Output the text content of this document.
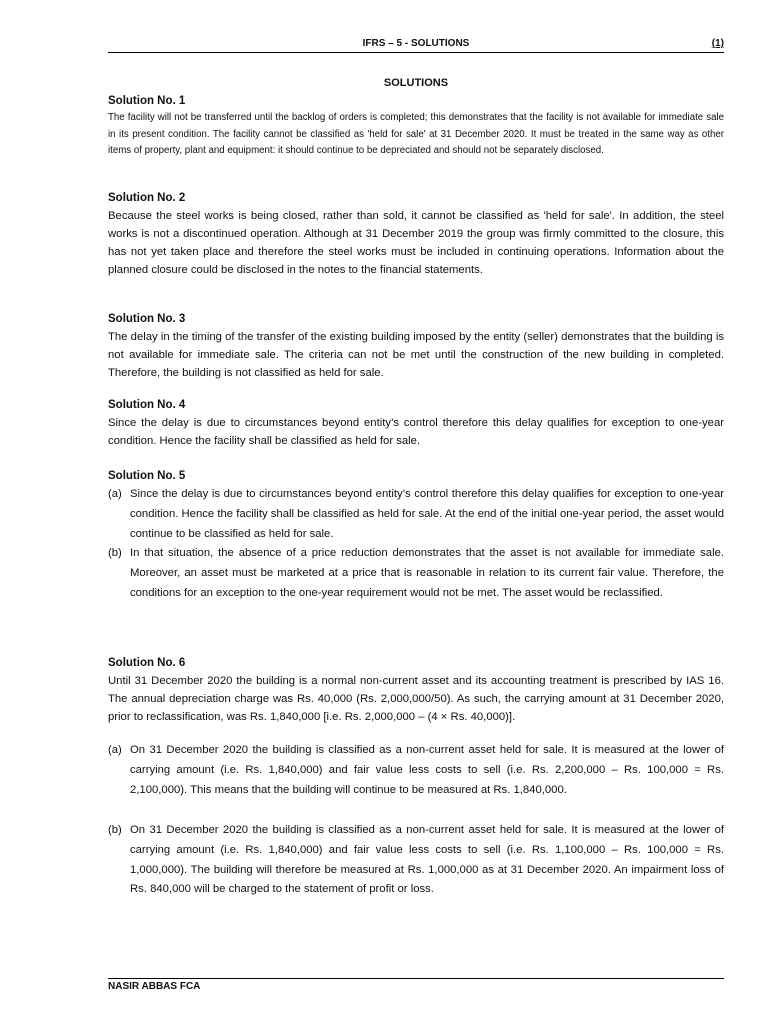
IFRS – 5 - SOLUTIONS	(1)
SOLUTIONS
Solution No. 1

The facility will not be transferred until the backlog of orders is completed; this demonstrates that the facility is not available for immediate sale in its present condition. The facility cannot be classified as 'held for sale' at 31 December 2020. It must be treated in the same way as other items of property, plant and equipment: it should continue to be depreciated and should not be separately disclosed.

Solution No. 2

Because the steel works is being closed, rather than sold, it cannot be classified as 'held for sale'. In addition, the steel works is not a discontinued operation. Although at 31 December 2019 the group was firmly committed to the closure, this has not yet taken place and therefore the steel works must be included in continuing operations. Information about the planned closure could be disclosed in the notes to the financial statements.

Solution No. 3

The delay in the timing of the transfer of the existing building imposed by the entity (seller) demonstrates that the building is not available for immediate sale. The criteria can not be met until the construction of the new building in completed. Therefore, the building is not classified as held for sale.

Solution No. 4

Since the delay is due to circumstances beyond entity’s control therefore this delay qualifies for exception to one-year condition. Hence the facility shall be classified as held for sale.

Solution No. 5
(a) Since the delay is due to circumstances beyond entity’s control therefore this delay qualifies for exception to one-year condition. Hence the facility shall be classified as held for sale. At the end of the initial one-year period, the asset would continue to be classified as held for sale.
(b) In that situation, the absence of a price reduction demonstrates that the asset is not available for immediate sale. Moreover, an asset must be marketed at a price that is reasonable in relation to its current fair value. Therefore, the conditions for an exception to the one-year requirement would not be met. The asset would be reclassified.
Solution No. 6

Until 31 December 2020 the building is a normal non-current asset and its accounting treatment is prescribed by IAS 16. The annual depreciation charge was Rs. 40,000 (Rs. 2,000,000/50). As such, the carrying amount at 31 December 2020, prior to reclassification, was Rs. 1,840,000 [i.e. Rs. 2,000,000 – (4 × Rs. 40,000)].

(a) On 31 December 2020 the building is classified as a non-current asset held for sale. It is measured at the lower of carrying amount (i.e. Rs. 1,840,000) and fair value less costs to sell (i.e. Rs. 2,200,000 – Rs. 100,000 = Rs. 2,100,000). This means that the building will continue to be measured at Rs. 1,840,000.
(b) On 31 December 2020 the building is classified as a non-current asset held for sale. It is measured at the lower of carrying amount (i.e. Rs. 1,840,000) and fair value less costs to sell (i.e. Rs. 1,100,000 – Rs. 100,000 = Rs. 1,000,000). The building will therefore be measured at Rs. 1,000,000 as at 31 December 2020. An impairment loss of Rs. 840,000 will be charged to the statement of profit or loss.
NASIR ABBAS FCA
